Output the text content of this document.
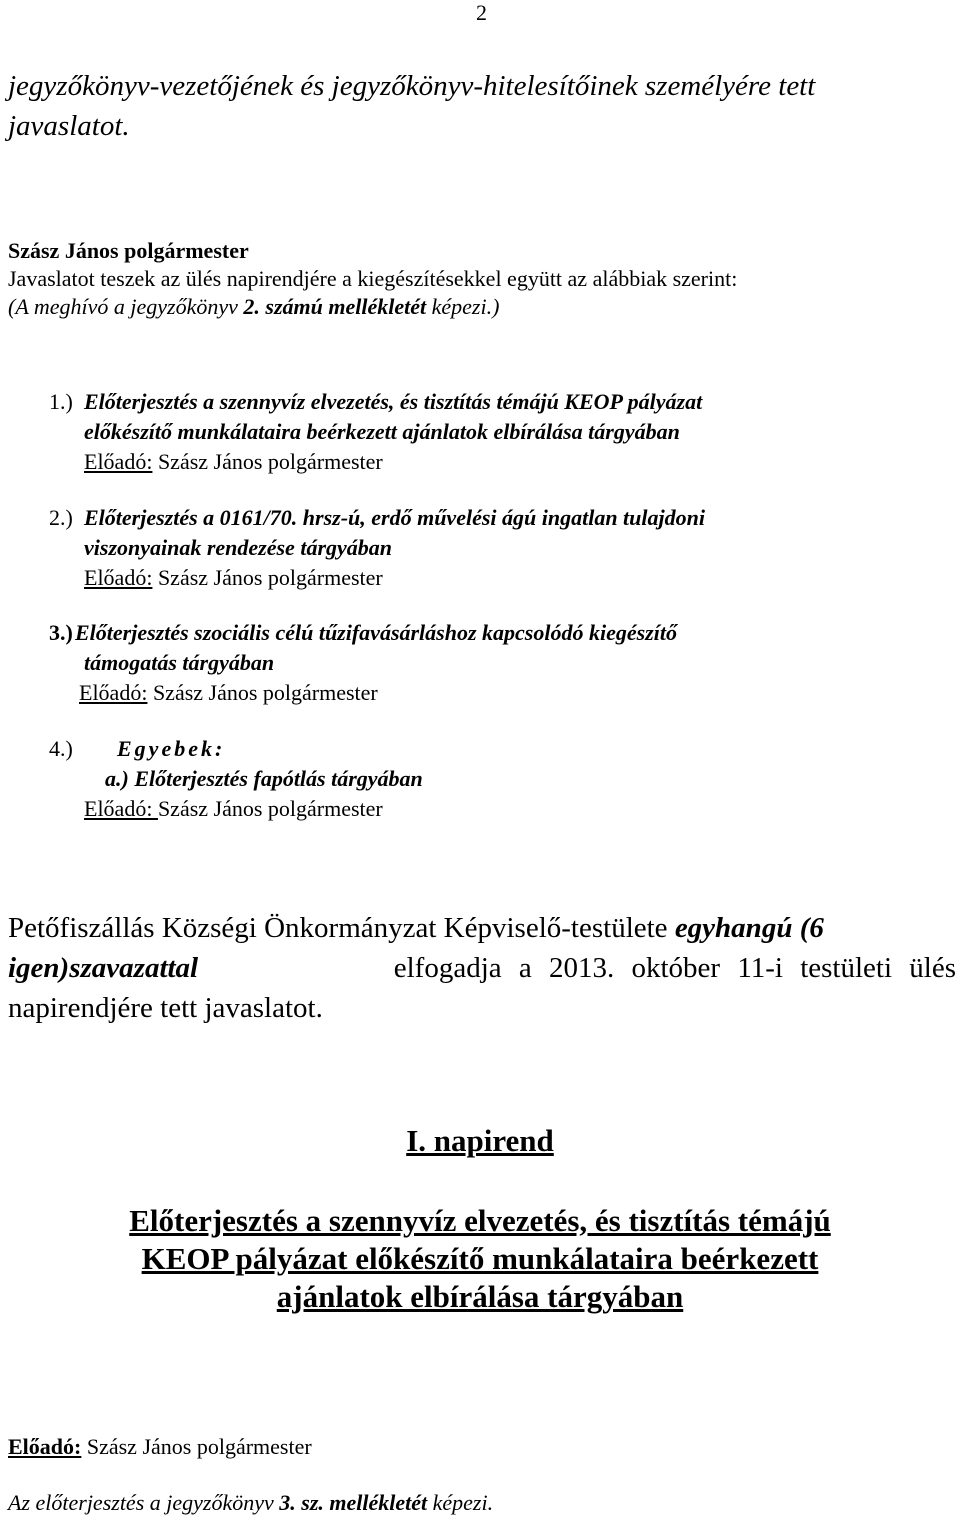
2
jegyzőkönyv-vezetőjének és jegyzőkönyv-hitelesítőinek személyére tett
javaslatot.
Szász János polgármester
Javaslatot teszek az ülés napirendjére a kiegészítésekkel együtt az alábbiak szerint:
(A meghívó a jegyzőkönyv 2. számú mellékletét képezi.)
1.) Előterjesztés a szennyvíz elvezetés, és tisztítás témájú KEOP pályázat
előkészítő munkálataira beérkezett ajánlatok elbírálása tárgyában
Előadó: Szász János polgármester
2.) Előterjesztés a 0161/70. hrsz-ú, erdő művelési ágú ingatlan tulajdoni
viszonyainak rendezése tárgyában
Előadó: Szász János polgármester
3.) Előterjesztés szociális célú tűzifavásárláshoz kapcsolódó kiegészítő
támogatás tárgyában
Előadó: Szász János polgármester
4.) Egyebek:
a.) Előterjesztés fapótlás tárgyában
Előadó: Szász János polgármester
Petőfiszállás Községi Önkormányzat Képviselő-testülete egyhangú (6
igen) szavazattal	elfogadja a 2013. október 11-i testületi ülés
napirendjére tett javaslatot.
I. napirend
Előterjesztés a szennyvíz elvezetés, és tisztítás témájú
KEOP pályázat előkészítő munkálataira beérkezett
ajánlatok elbírálása tárgyában
Előadó: Szász János polgármester
Az előterjesztés a jegyzőkönyv 3. sz. mellékletét képezi.
